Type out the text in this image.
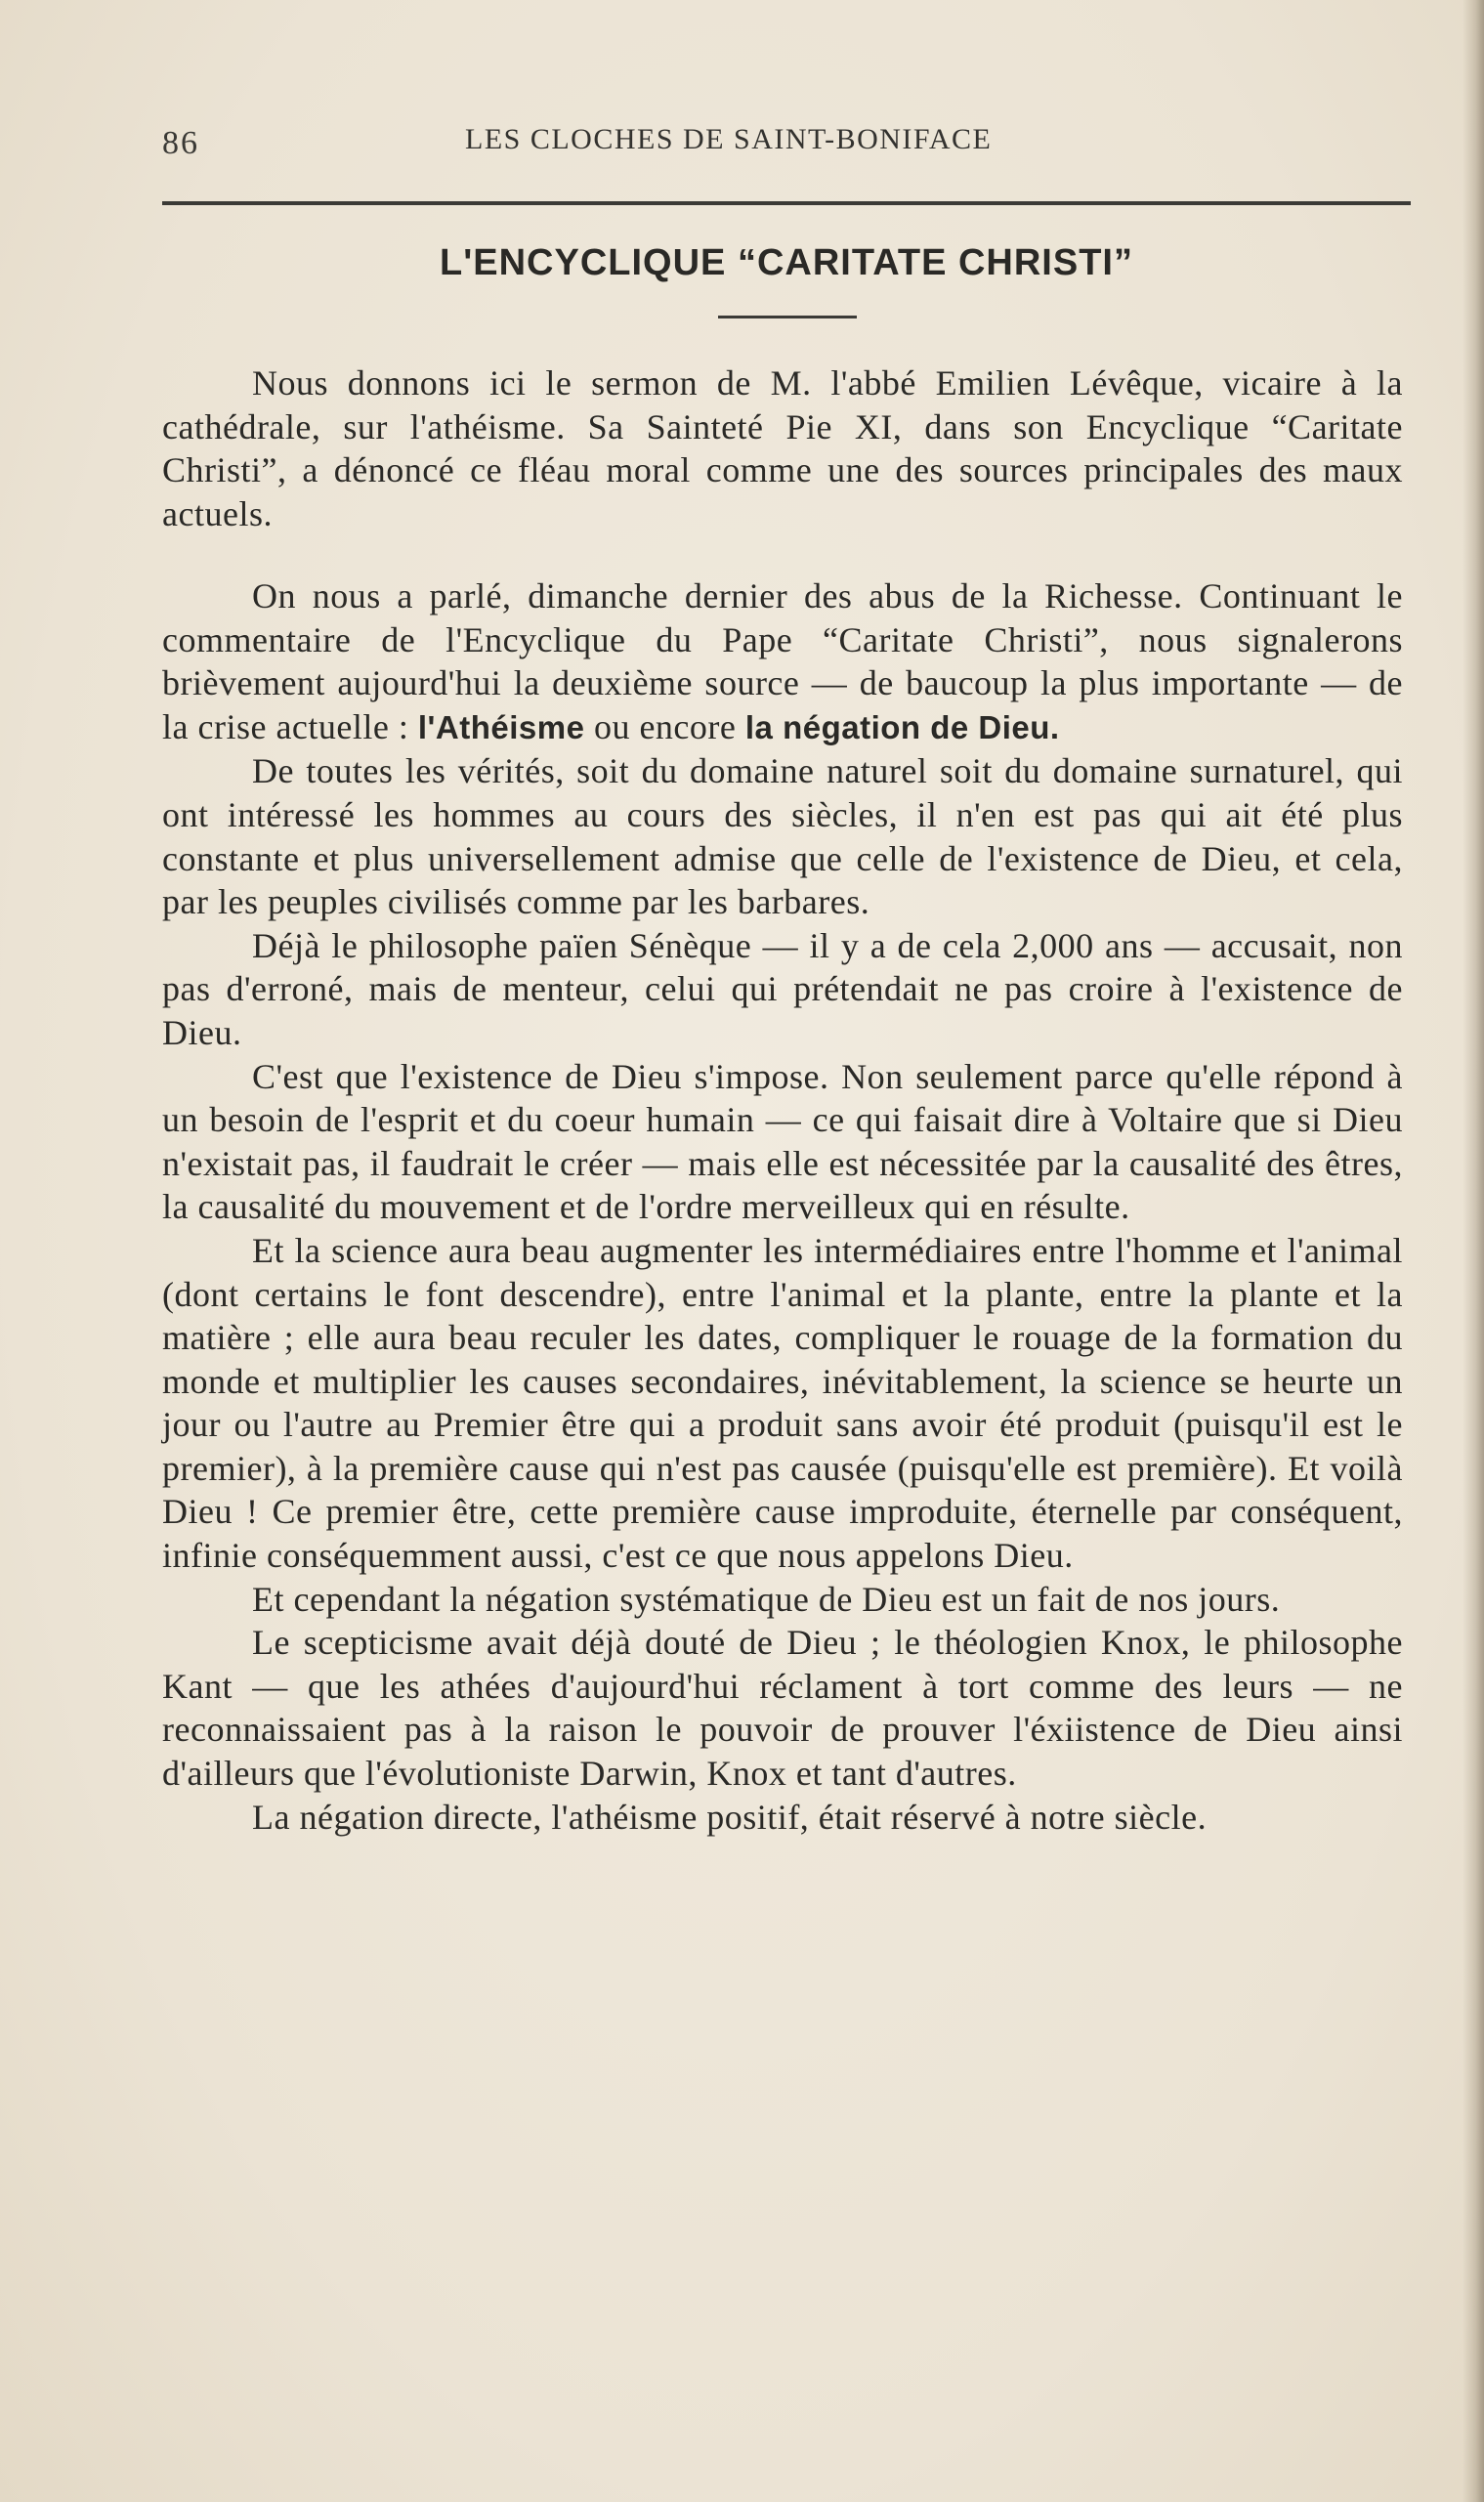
86	LES CLOCHES DE SAINT-BONIFACE
L'ENCYCLIQUE “CARITATE CHRISTI”

Nous donnons ici le sermon de M. l'abbé Emilien Lévêque, vicaire à la cathédrale, sur l'athéisme. Sa Sainteté Pie XI, dans son Encyclique “Caritate Christi”, a dénoncé ce fléau moral comme une des sources principales des maux actuels.

On nous a parlé, dimanche dernier des abus de la Richesse. Continuant le commentaire de l'Encyclique du Pape “Caritate Christi”, nous signalerons brièvement aujourd'hui la deuxième source — de baucoup la plus importante — de la crise actuelle : l'Athéisme ou encore la négation de Dieu.

De toutes les vérités, soit du domaine naturel soit du domaine surnaturel, qui ont intéressé les hommes au cours des siècles, il n'en est pas qui ait été plus constante et plus universellement admise que celle de l'existence de Dieu, et cela, par les peuples civilisés comme par les barbares.

Déjà le philosophe païen Sénèque — il y a de cela 2,000 ans — accusait, non pas d'erroné, mais de menteur, celui qui prétendait ne pas croire à l'existence de Dieu.

C'est que l'existence de Dieu s'impose. Non seulement parce qu'elle répond à un besoin de l'esprit et du coeur humain — ce qui faisait dire à Voltaire que si Dieu n'existait pas, il faudrait le créer — mais elle est nécessitée par la causalité des êtres, la causalité du mouvement et de l'ordre merveilleux qui en résulte.

Et la science aura beau augmenter les intermédiaires entre l'homme et l'animal (dont certains le font descendre), entre l'animal et la plante, entre la plante et la matière ; elle aura beau reculer les dates, compliquer le rouage de la formation du monde et multiplier les causes secondaires, inévitablement, la science se heurte un jour ou l'autre au Premier être qui a produit sans avoir été produit (puisqu'il est le premier), à la première cause qui n'est pas causée (puisqu'elle est première). Et voilà Dieu ! Ce premier être, cette première cause improduite, éternelle par conséquent, infinie conséquemment aussi, c'est ce que nous appelons Dieu.

Et cependant la négation systématique de Dieu est un fait de nos jours.

Le scepticisme avait déjà douté de Dieu ; le théologien Knox, le philosophe Kant — que les athées d'aujourd'hui réclament à tort comme des leurs — ne reconnaissaient pas à la raison le pouvoir de prouver l'éxiistence de Dieu ainsi d'ailleurs que l'évolutioniste Darwin, Knox et tant d'autres.

La négation directe, l'athéisme positif, était réservé à notre siècle.
